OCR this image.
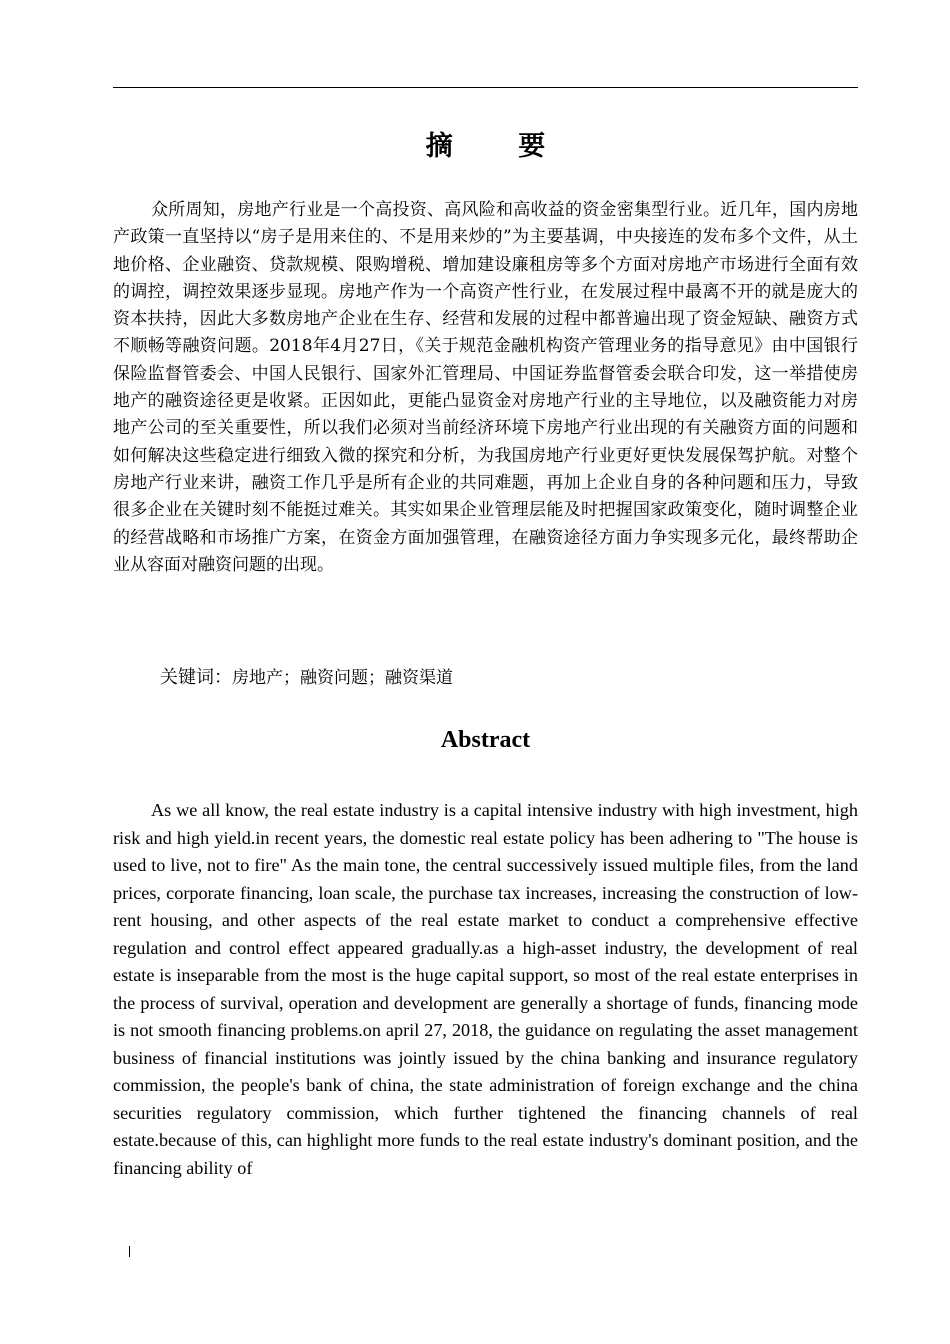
摘 要
众所周知，房地产行业是一个高投资、高风险和高收益的资金密集型行业。近几年，国内房地产政策一直坚持以“房子是用来住的、不是用来炒的”为主要基调，中央接连的发布多个文件，从土地价格、企业融资、贷款规模、限购增税、增加建设廉租房等多个方面对房地产市场进行全面有效的调控，调控效果逐步显现。房地产作为一个高资产性行业，在发展过程中最离不开的就是庞大的资本扶持，因此大多数房地产企业在生存、经营和发展的过程中都普遍出现了资金短缺、融资方式不顺畅等融资问题。2018年4月27日，《关于规范金融机构资产管理业务的指导意见》由中国银行保险监督管委会、中国人民银行、国家外汇管理局、中国证券监督管委会联合印发，这一举措使房地产的融资途径更是收紧。正因如此，更能凸显资金对房地产行业的主导地位，以及融资能力对房地产公司的至关重要性，所以我们必须对当前经济环境下房地产行业出现的有关融资方面的问题和如何解决这些稳定进行细致入微的探究和分析，为我国房地产行业更好更快发展保驾护航。对整个房地产行业来讲，融资工作几乎是所有企业的共同难题，再加上企业自身的各种问题和压力，导致很多企业在关键时刻不能挺过难关。其实如果企业管理层能及时把握国家政策变化，随时调整企业的经营战略和市场推广方案，在资金方面加强管理，在融资途径方面力争实现多元化，最终帮助企业从容面对融资问题的出现。
关键词：房地产；融资问题；融资渠道
Abstract
As we all know, the real estate industry is a capital intensive industry with high investment, high risk and high yield.in recent years, the domestic real estate policy has been adhering to "The house is used to live, not to fire" As the main tone, the central successively issued multiple files, from the land prices, corporate financing, loan scale, the purchase tax increases, increasing the construction of low-rent housing, and other aspects of the real estate market to conduct a comprehensive effective regulation and control effect appeared gradually.as a high-asset industry, the development of real estate is inseparable from the most is the huge capital support, so most of the real estate enterprises in the process of survival, operation and development are generally a shortage of funds, financing mode is not smooth financing problems.on april 27, 2018, the guidance on regulating the asset management business of financial institutions was jointly issued by the china banking and insurance regulatory commission, the people's bank of china, the state administration of foreign exchange and the china securities regulatory commission, which further tightened the financing channels of real estate.because of this, can highlight more funds to the real estate industry's dominant position, and the financing ability of
